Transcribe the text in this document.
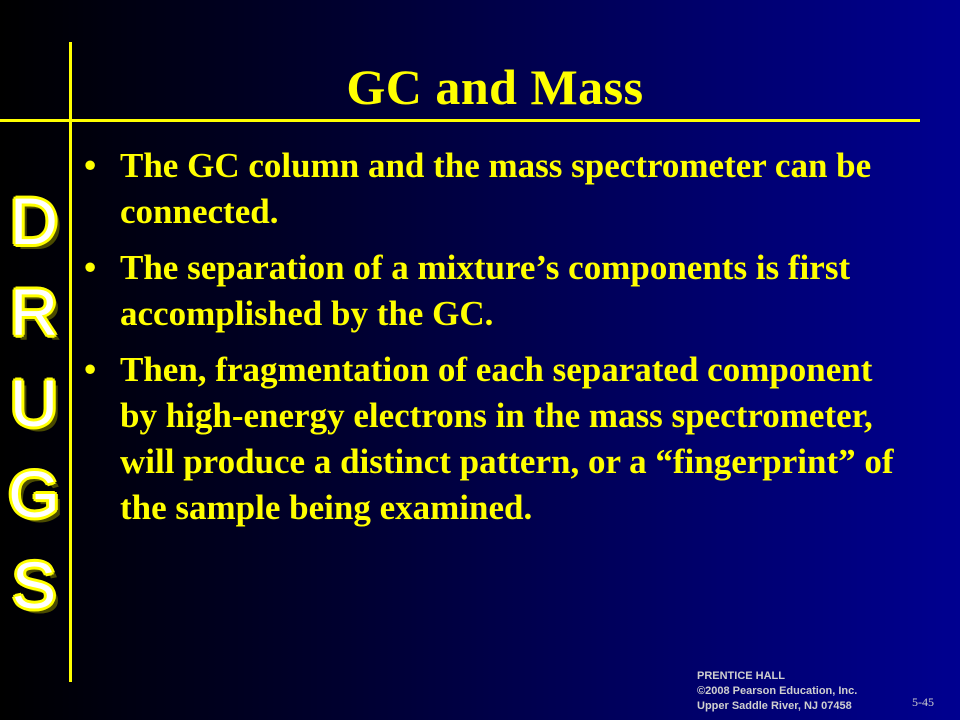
GC and Mass
D
R
U
G
S
• The GC column and the mass spectrometer can be connected.
• The separation of a mixture’s components is first accomplished by the GC.
• Then, fragmentation of each separated component by high-energy electrons in the mass spectrometer, will produce a distinct pattern, or a “fingerprint” of the sample being examined.
PRENTICE HALL
©2008 Pearson Education, Inc.
Upper Saddle River, NJ 07458	5-45
